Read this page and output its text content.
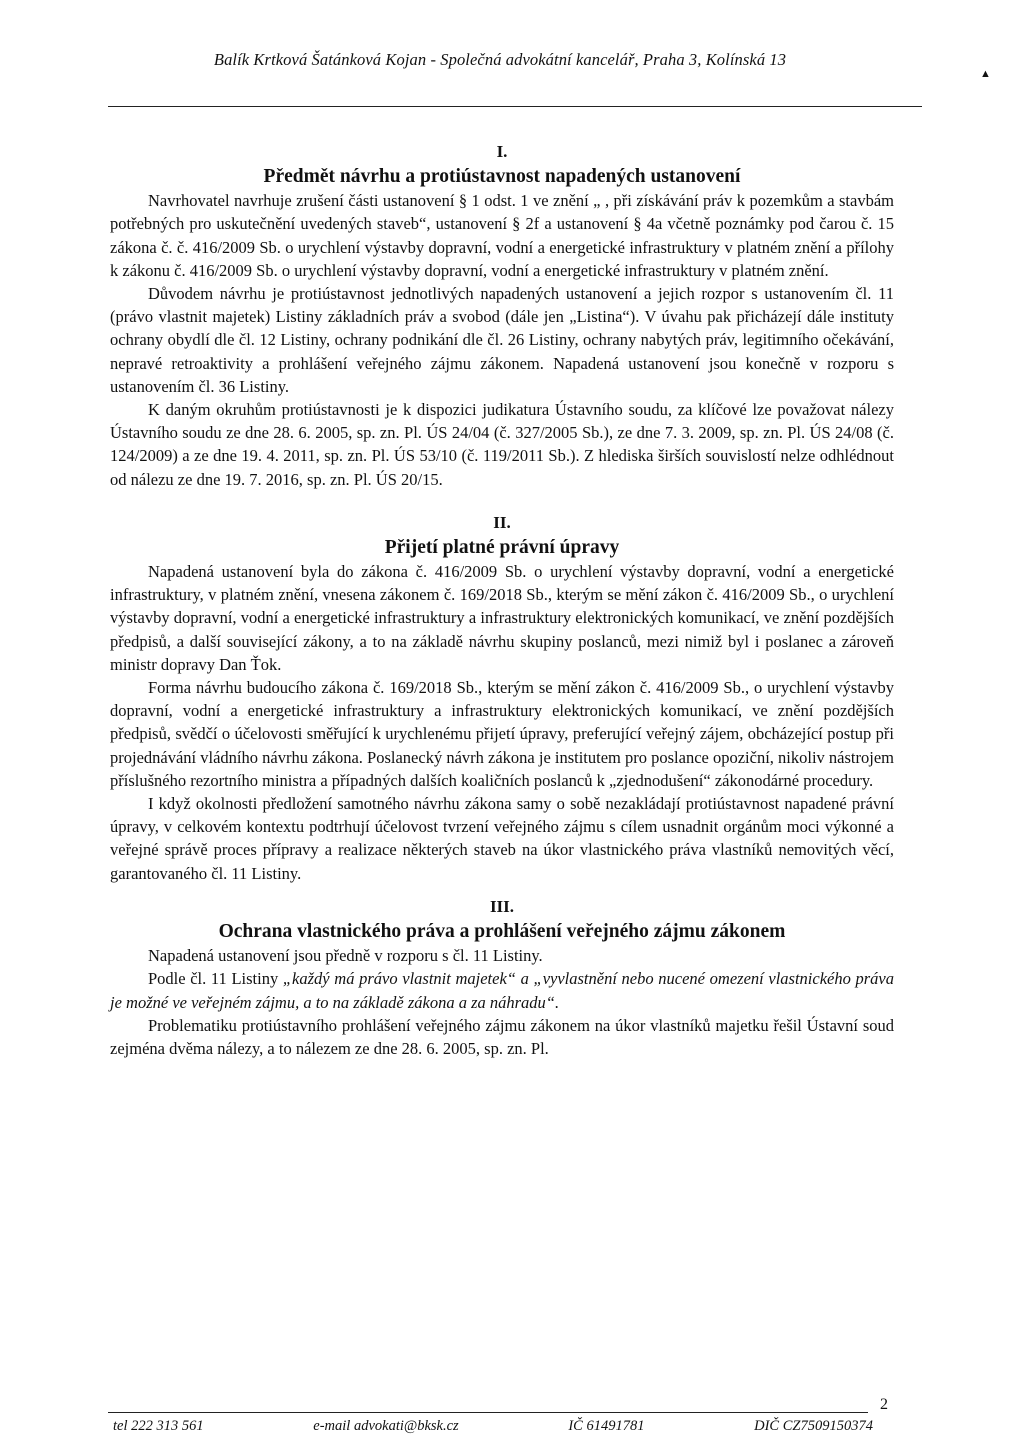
Balík Krtková Šatánková Kojan - Společná advokátní kancelář, Praha 3, Kolínská 13
▲
I.
Předmět návrhu a protiústavnost napadených ustanovení

Navrhovatel navrhuje zrušení části ustanovení § 1 odst. 1 ve znění „ , při získávání práv k pozemkům a stavbám potřebných pro uskutečnění uvedených staveb“, ustanovení § 2f a ustanovení § 4a včetně poznámky pod čarou č. 15 zákona č. č. 416/2009 Sb. o urychlení výstavby dopravní, vodní a energetické infrastruktury v platném znění a přílohy k zákonu č. 416/2009 Sb. o urychlení výstavby dopravní, vodní a energetické infrastruktury v platném znění.

Důvodem návrhu je protiústavnost jednotlivých napadených ustanovení a jejich rozpor s ustanovením čl. 11 (právo vlastnit majetek) Listiny základních práv a svobod (dále jen „Listina“). V úvahu pak přicházejí dále instituty ochrany obydlí dle čl. 12 Listiny, ochrany podnikání dle čl. 26 Listiny, ochrany nabytých práv, legitimního očekávání, nepravé retroaktivity a prohlášení veřejného zájmu zákonem. Napadená ustanovení jsou konečně v rozporu s ustanovením čl. 36 Listiny.

K daným okruhům protiústavnosti je k dispozici judikatura Ústavního soudu, za klíčové lze považovat nálezy Ústavního soudu ze dne 28. 6. 2005, sp. zn. Pl. ÚS 24/04 (č. 327/2005 Sb.), ze dne 7. 3. 2009, sp. zn. Pl. ÚS 24/08 (č. 124/2009) a ze dne 19. 4. 2011, sp. zn. Pl. ÚS 53/10 (č. 119/2011 Sb.). Z hlediska širších souvislostí nelze odhlédnout od nálezu ze dne 19. 7. 2016, sp. zn. Pl. ÚS 20/15.

II.
Přijetí platné právní úpravy

Napadená ustanovení byla do zákona č. 416/2009 Sb. o urychlení výstavby dopravní, vodní a energetické infrastruktury, v platném znění, vnesena zákonem č. 169/2018 Sb., kterým se mění zákon č. 416/2009 Sb., o urychlení výstavby dopravní, vodní a energetické infrastruktury a infrastruktury elektronických komunikací, ve znění pozdějších předpisů, a další související zákony, a to na základě návrhu skupiny poslanců, mezi nimiž byl i poslanec a zároveň ministr dopravy Dan Ťok.

Forma návrhu budoucího zákona č. 169/2018 Sb., kterým se mění zákon č. 416/2009 Sb., o urychlení výstavby dopravní, vodní a energetické infrastruktury a infrastruktury elektronických komunikací, ve znění pozdějších předpisů, svědčí o účelovosti směřující k urychlenému přijetí úpravy, preferující veřejný zájem, obcházející postup při projednávání vládního návrhu zákona. Poslanecký návrh zákona je institutem pro poslance opoziční, nikoliv nástrojem příslušného rezortního ministra a případných dalších koaličních poslanců k „zjednodušení“ zákonodárné procedury.

I když okolnosti předložení samotného návrhu zákona samy o sobě nezakládají protiústavnost napadené právní úpravy, v celkovém kontextu podtrhují účelovost tvrzení veřejného zájmu s cílem usnadnit orgánům moci výkonné a veřejné správě proces přípravy a realizace některých staveb na úkor vlastnického práva vlastníků nemovitých věcí, garantovaného čl. 11 Listiny.

III.
Ochrana vlastnického práva a prohlášení veřejného zájmu zákonem

Napadená ustanovení jsou předně v rozporu s čl. 11 Listiny.

Podle čl. 11 Listiny „každý má právo vlastnit majetek“ a „vyvlastnění nebo nucené omezení vlastnického práva je možné ve veřejném zájmu, a to na základě zákona a za náhradu“.

Problematiku protiústavního prohlášení veřejného zájmu zákonem na úkor vlastníků majetku řešil Ústavní soud zejména dvěma nálezy, a to nálezem ze dne 28. 6. 2005, sp. zn. Pl.

2
tel 222 313 561	e-mail advokati@bksk.cz	IČ 61491781	DIČ CZ7509150374
